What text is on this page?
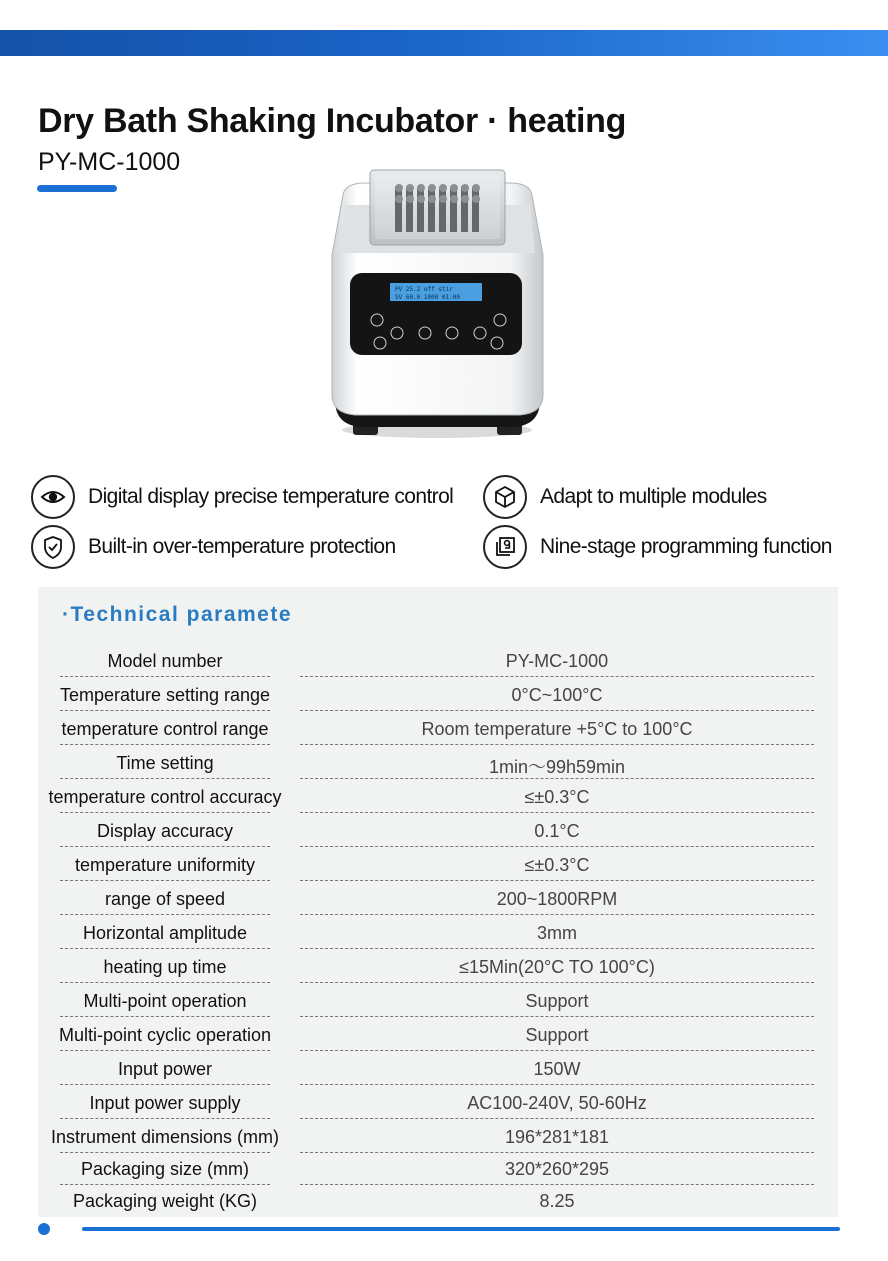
Dry Bath Shaking Incubator · heating
PY-MC-1000
PV 25.2 off stir
SV 60.0 1000 01:00
Digital display precise temperature control	Adapt to multiple modules
Built-in over-temperature protection	Nine-stage programming function
·Technical paramete
Model number	PY-MC-1000
Temperature setting range	0°C~100°C
temperature control range	Room temperature +5°C to 100°C
Time setting	1min～99h59min
temperature control accuracy	≤±0.3°C
Display accuracy	0.1°C
temperature uniformity	≤±0.3°C
range of speed	200~1800RPM
Horizontal amplitude	3mm
heating up time	≤15Min(20°C TO 100°C)
Multi-point operation	Support
Multi-point cyclic operation	Support
Input power	150W
Input power supply	AC100-240V, 50-60Hz
Instrument dimensions (mm)	196*281*181
Packaging size (mm)	320*260*295
Packaging weight (KG)	8.25
